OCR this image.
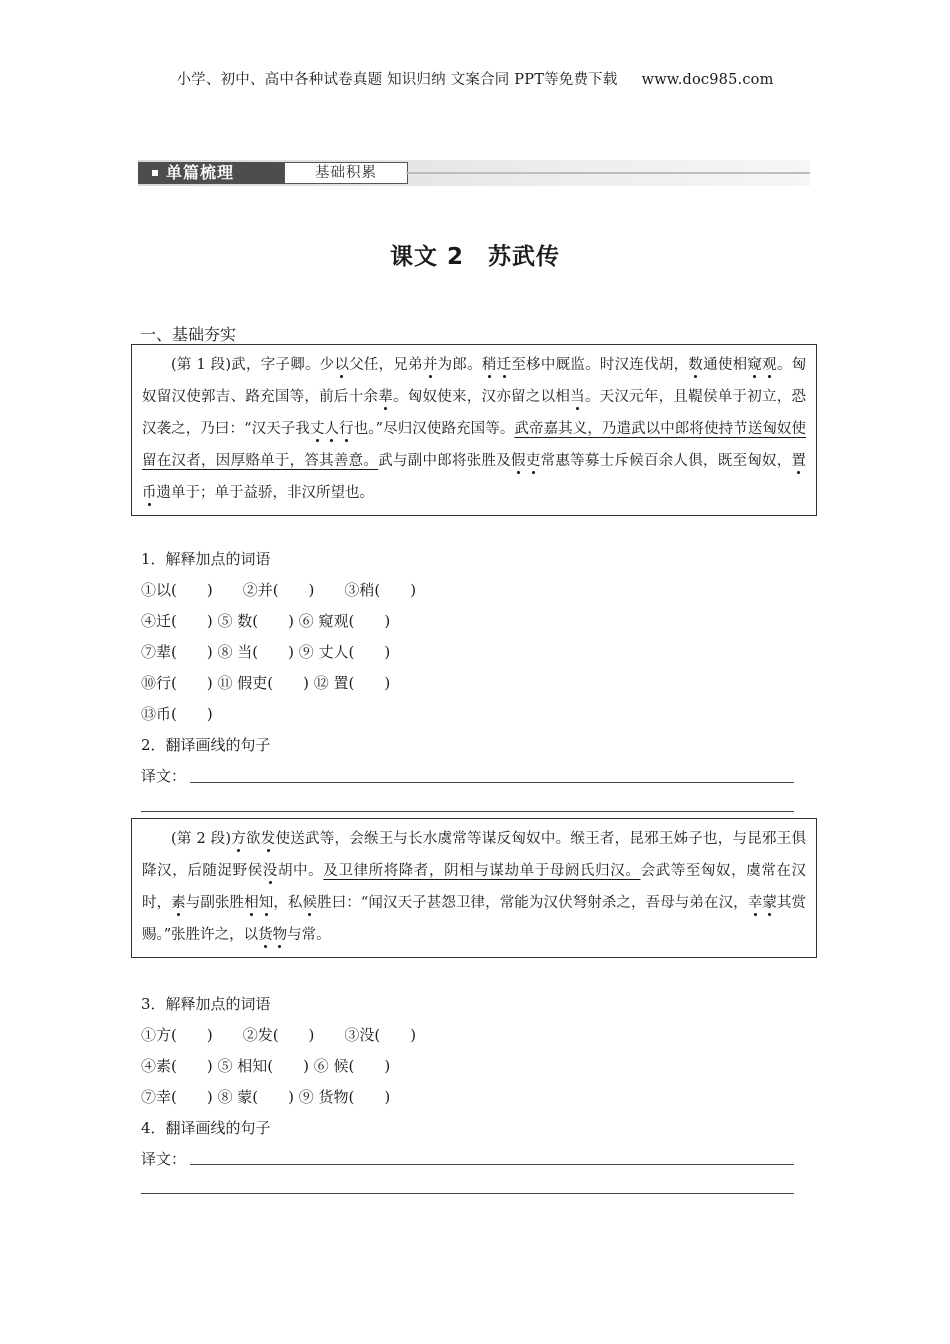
小学、初中、高中各种试卷真题 知识归纳 文案合同 PPT等免费下载 www.doc985.com
单篇梳理	基础积累
课文 2　苏武传
一、基础夯实

(第 1 段)武，字子卿。少以父任，兄弟并为郎。稍迁至栘中厩监。时汉连伐胡，数通使相窥观。匈奴留汉使郭吉、路充国等，前后十余辈。匈奴使来，汉亦留之以相当。天汉元年，且鞮侯单于初立，恐汉袭之，乃曰：“汉天子我丈人行也。”尽归汉使路充国等。武帝嘉其义，乃遣武以中郎将使持节送匈奴使留在汉者，因厚赂单于，答其善意。武与副中郎将张胜及假吏常惠等募士斥候百余人俱，既至匈奴，置币遗单于；单于益骄，非汉所望也。

1．解释加点的词语
①以(　　)　　②并(　　)　　③稍(　　)
④迁(　　) ⑤ 数(　　) ⑥ 窥观(　　)
⑦辈(　　) ⑧ 当(　　) ⑨ 丈人(　　)
⑩行(　　) ⑪ 假吏(　　) ⑫ 置(　　)
⑬币(　　)
2．翻译画线的句子
译文：

(第 2 段)方欲发使送武等，会缑王与长水虞常等谋反匈奴中。缑王者，昆邪王姊子也，与昆邪王俱降汉，后随浞野侯没胡中。及卫律所将降者，阴相与谋劫单于母阏氏归汉。会武等至匈奴，虞常在汉时，素与副张胜相知，私候胜曰：“闻汉天子甚怨卫律，常能为汉伏弩射杀之，吾母与弟在汉，幸蒙其赏赐。”张胜许之，以货物与常。

3．解释加点的词语
①方(　　)　　②发(　　)　　③没(　　)
④素(　　) ⑤ 相知(　　) ⑥ 候(　　)
⑦幸(　　) ⑧ 蒙(　　) ⑨ 货物(　　)
4．翻译画线的句子
译文：
